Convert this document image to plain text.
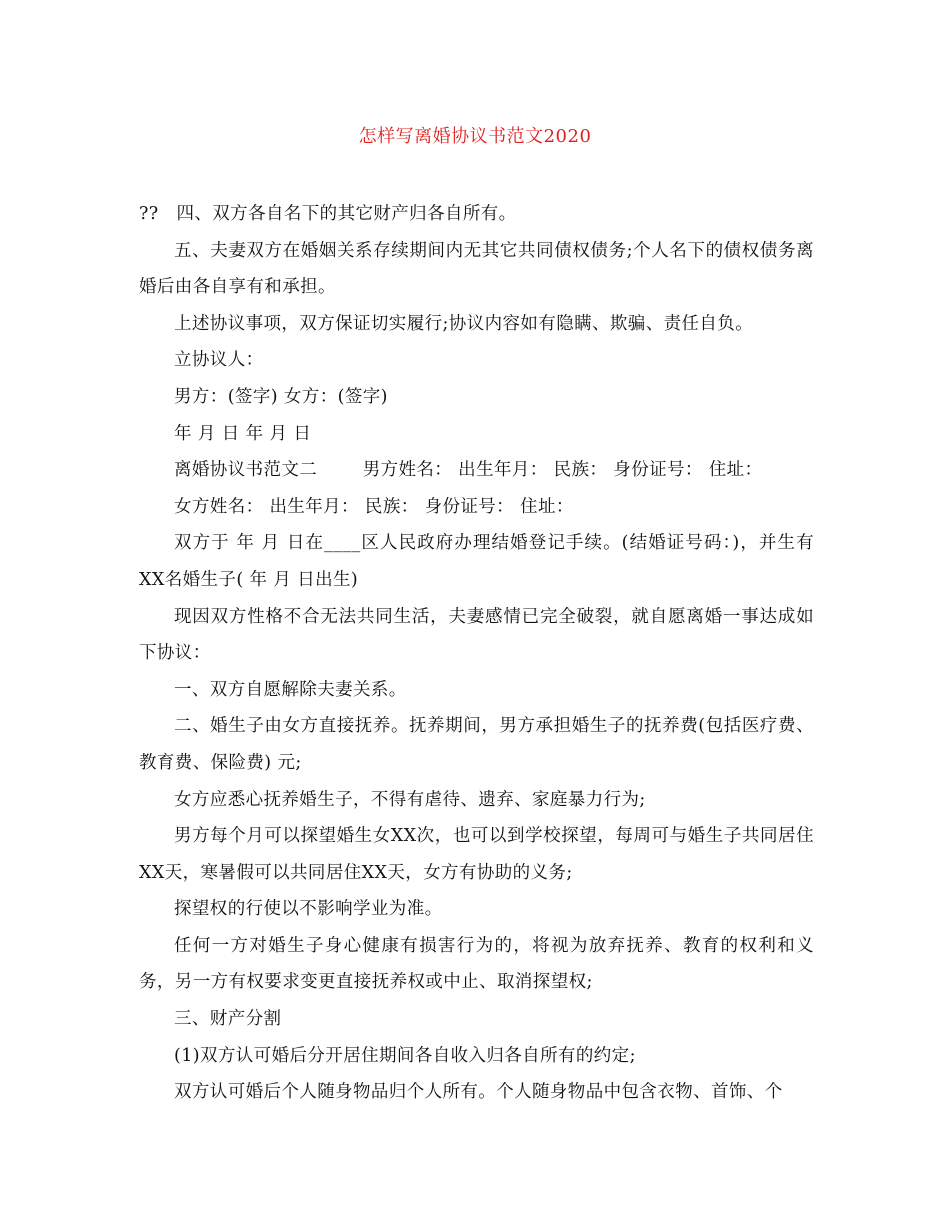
怎样写离婚协议书范文2020

??　四、双方各自名下的其它财产归各自所有。

五、夫妻双方在婚姻关系存续期间内无其它共同债权债务;个人名下的债权债务离婚后由各自享有和承担。

上述协议事项，双方保证切实履行;协议内容如有隐瞒、欺骗、责任自负。

立协议人：

男方：(签字) 女方：(签字)

年 月 日 年 月 日

离婚协议书范文二	男方姓名： 出生年月： 民族： 身份证号： 住址：

女方姓名： 出生年月： 民族： 身份证号： 住址：

双方于 年 月 日在____区人民政府办理结婚登记手续。(结婚证号码：)，并生有XX名婚生子( 年 月 日出生)

现因双方性格不合无法共同生活，夫妻感情已完全破裂，就自愿离婚一事达成如下协议：

一、双方自愿解除夫妻关系。

二、婚生子由女方直接抚养。抚养期间，男方承担婚生子的抚养费(包括医疗费、教育费、保险费) 元;

女方应悉心抚养婚生子，不得有虐待、遗弃、家庭暴力行为;

男方每个月可以探望婚生女XX次，也可以到学校探望，每周可与婚生子共同居住XX天，寒暑假可以共同居住XX天，女方有协助的义务;

探望权的行使以不影响学业为准。

任何一方对婚生子身心健康有损害行为的，将视为放弃抚养、教育的权利和义务，另一方有权要求变更直接抚养权或中止、取消探望权;

三、财产分割

(1)双方认可婚后分开居住期间各自收入归各自所有的约定;

双方认可婚后个人随身物品归个人所有。个人随身物品中包含衣物、首饰、个
